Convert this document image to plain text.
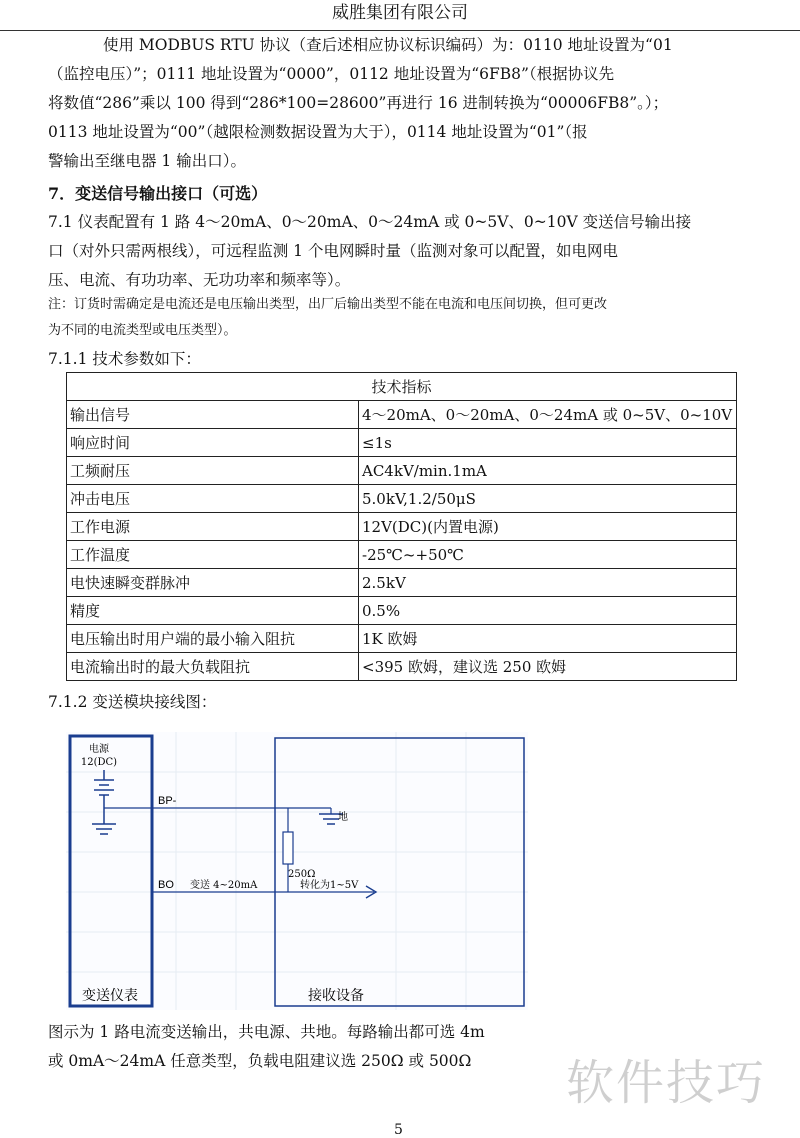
威胜集团有限公司
使用 MODBUS RTU 协议（查后述相应协议标识编码）为：0110 地址设置为“01
（监控电压）”；0111 地址设置为“0000”，0112 地址设置为“6FB8”（根据协议先
将数值“286”乘以 100 得到“286*100=28600”再进行 16 进制转换为“00006FB8”。）；
0113 地址设置为“00”（越限检测数据设置为大于），0114 地址设置为“01”（报
警输出至继电器 1 输出口）。
7．变送信号输出接口（可选）
7.1 仪表配置有 1 路 4～20mA、0～20mA、0～24mA 或 0~5V、0~10V 变送信号输出接
口（对外只需两根线），可远程监测 1 个电网瞬时量（监测对象可以配置，如电网电
压、电流、有功功率、无功功率和频率等）。
注：订货时需确定是电流还是电压输出类型，出厂后输出类型不能在电流和电压间切换，但可更改
为不同的电流类型或电压类型）。
7.1.1 技术参数如下：
技术指标	
输出信号	4～20mA、0～20mA、0～24mA 或 0~5V、0~10V
响应时间	≤1s
工频耐压	AC4kV/min.1mA
冲击电压	5.0kV,1.2/50μS
工作电源	12V(DC)(内置电源)
工作温度	-25℃~+50℃
电快速瞬变群脉冲	2.5kV
精度	0.5%
电压输出时用户端的最小输入阻抗	1K 欧姆
电流输出时的最大负载阻抗	<395 欧姆，建议选 250 欧姆
7.1.2 变送模块接线图：
电源
12(DC)
BP-
地
250Ω
BO 变送 4~20mA	转化为1~5V
变送仪表	接收设备
图示为 1 路电流变送输出，共电源、共地。每路输出都可选 4m
或 0mA～24mA 任意类型，负载电阻建议选 250Ω 或 500Ω 软件技巧
5
